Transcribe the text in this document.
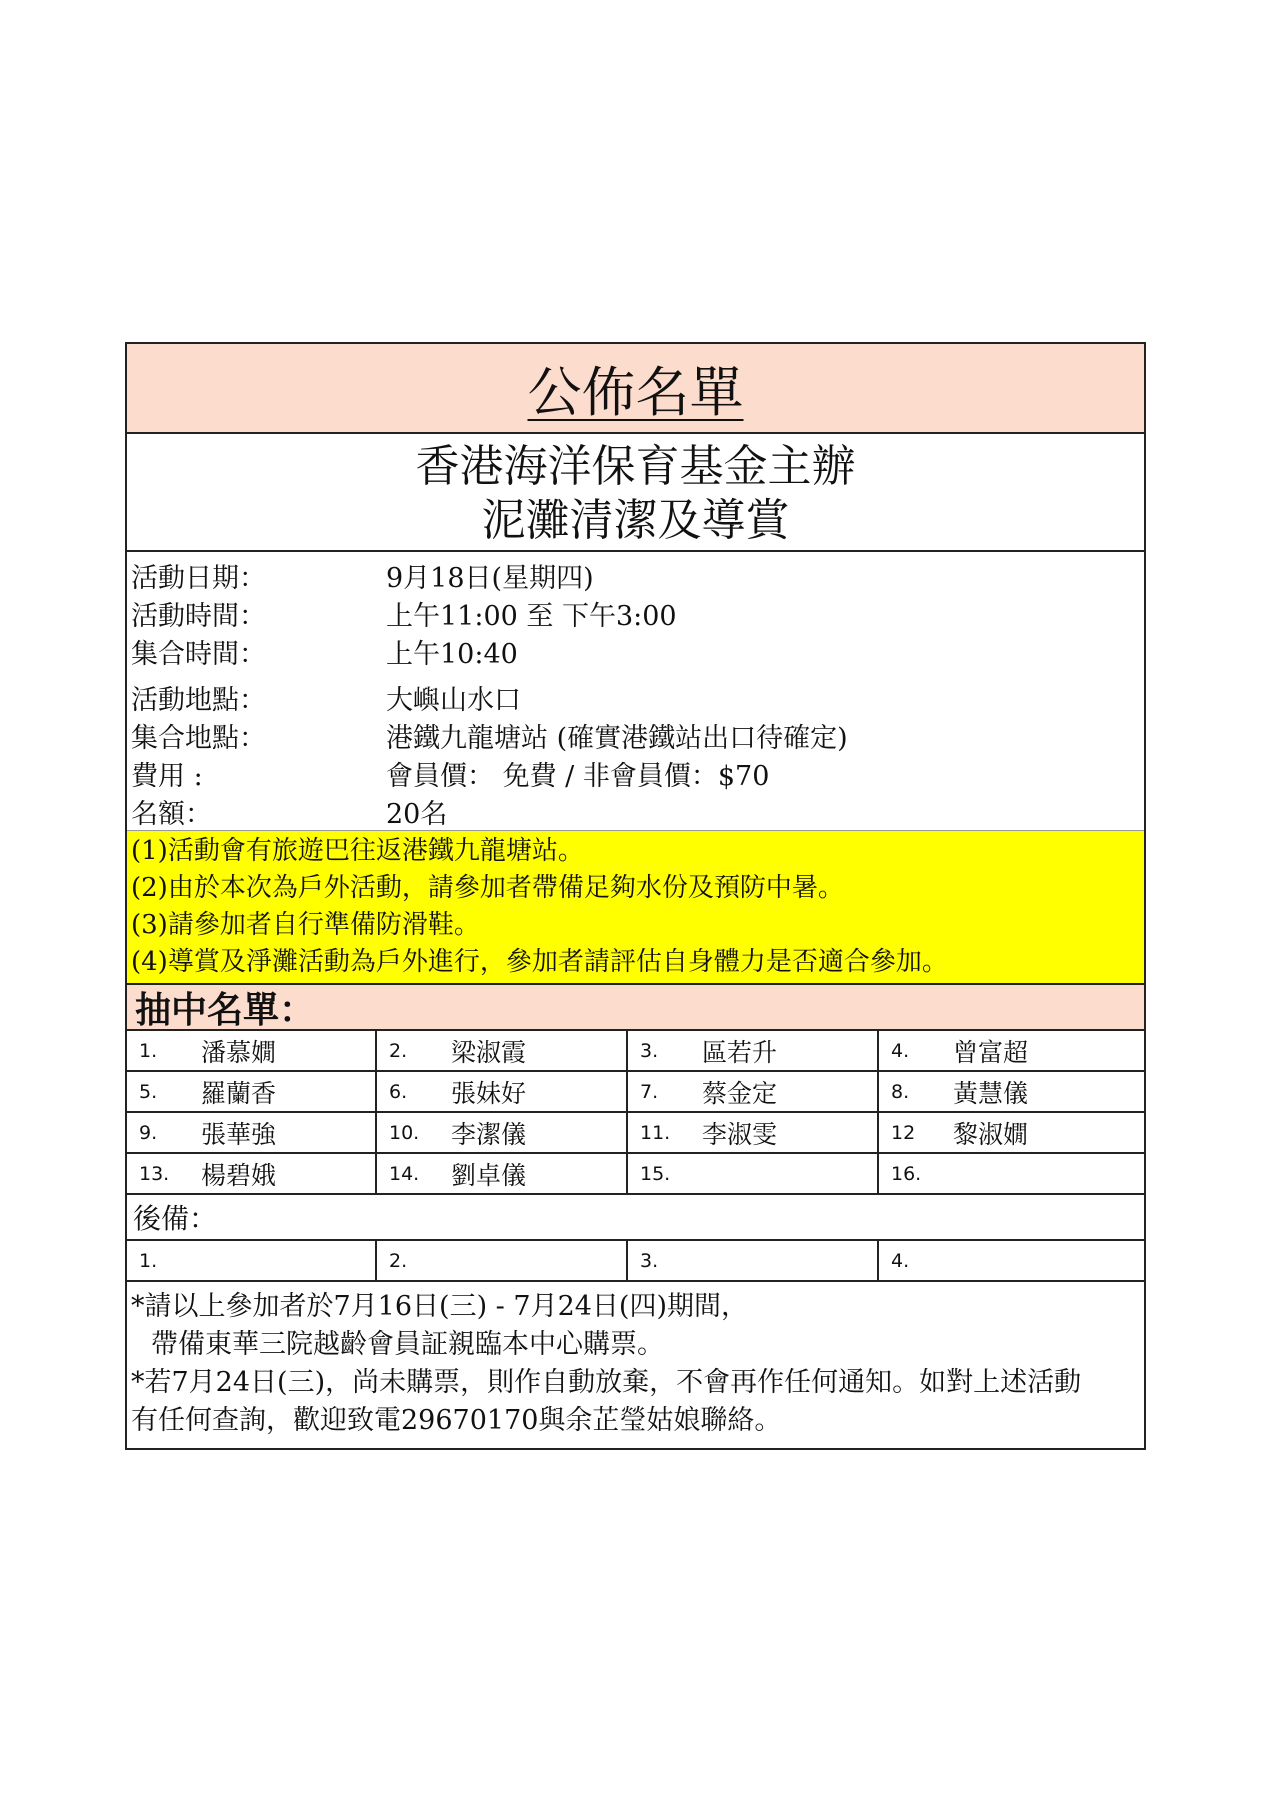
公佈名單
香港海洋保育基金主辦
泥灘清潔及導賞
活動日期：	9月18日(星期四)
活動時間：	上午11:00 至 下午3:00
集合時間：	上午10:40
活動地點：	大嶼山水口
集合地點：	港鐵九龍塘站 (確實港鐵站出口待確定)
費用 :	會員價： 免費 / 非會員價：$70
名額：	20名
(1)活動會有旅遊巴往返港鐵九龍塘站。
(2)由於本次為戶外活動，請參加者帶備足夠水份及預防中暑。
(3)請參加者自行準備防滑鞋。
(4)導賞及淨灘活動為戶外進行，參加者請評估自身體力是否適合參加。
抽中名單：
1.	潘慕嫺	2.	梁淑霞	3.	區若升	4.	曾富超
5.	羅蘭香	6.	張妹好	7.	蔡金定	8.	黃慧儀
9.	張華強	10.	李潔儀	11.	李淑雯	12	黎淑嫺
13.	楊碧娥	14.	劉卓儀	15.	16.
後備：
1.	2.	3.	4.
*請以上參加者於7月16日(三) - 7月24日(四)期間，
帶備東華三院越齡會員証親臨本中心購票。
*若7月24日(三)，尚未購票，則作自動放棄，不會再作任何通知。如對上述活動
有任何查詢，歡迎致電29670170與余芷瑩姑娘聯絡。
